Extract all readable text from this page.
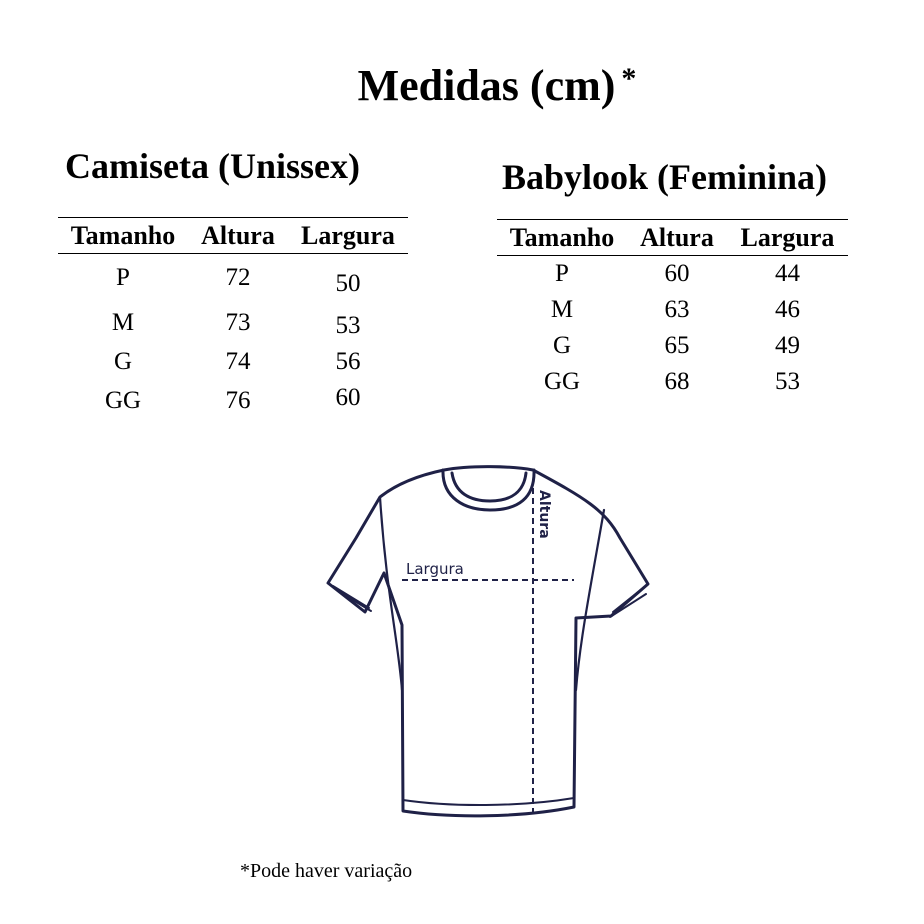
Medidas (cm) *
Camiseta (Unissex)
Tamanho	Altura	Largura
P	72	50
M	73	53
G	74	56
GG	76	60
Babylook (Feminina)
Tamanho	Altura	Largura
P	60	44
M	63	46
G	65	49
GG	68	53
Largura
Altura
*Pode haver variação
